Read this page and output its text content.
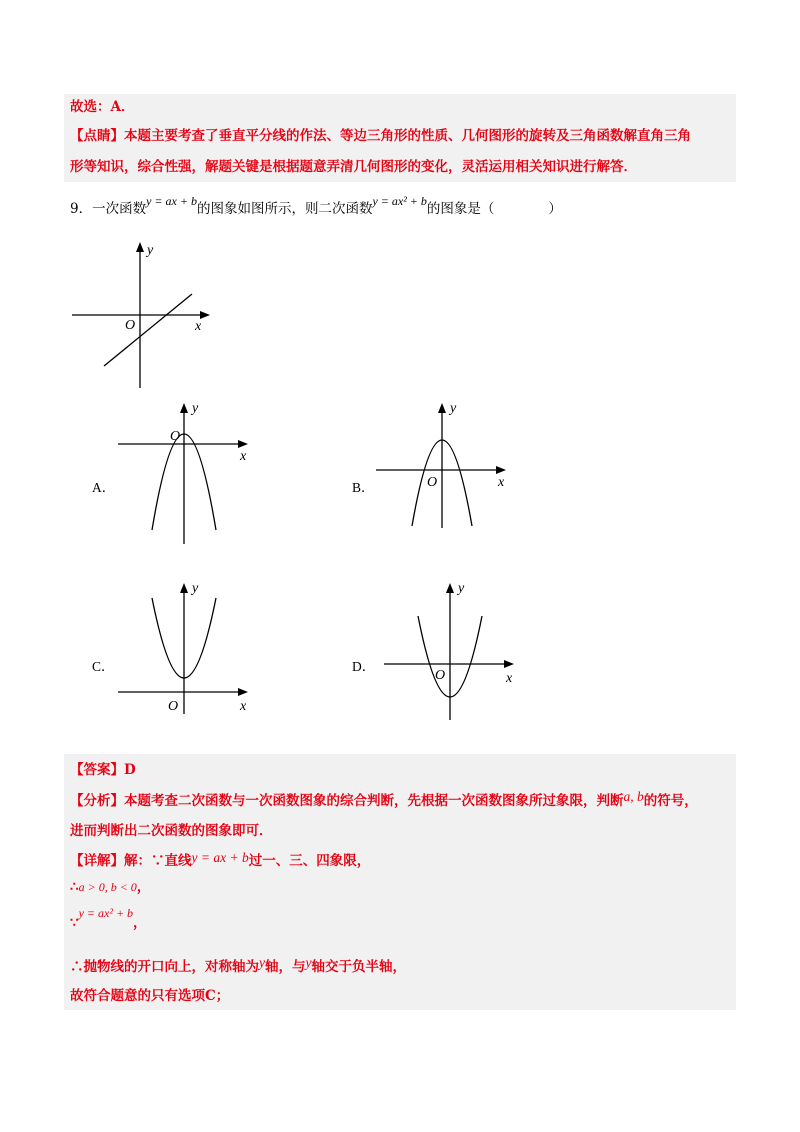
故选：A．
【点睛】本题主要考查了垂直平分线的作法、等边三角形的性质、几何图形的旋转及三角函数解直角三角
形等知识，综合性强，解题关键是根据题意弄清几何图形的变化，灵活运用相关知识进行解答．
9．一次函数y = ax + b的图象如图所示，则二次函数y = ax² + b的图象是（　　　　）
y
x
O
A．
y
x
O
B．
y
x
O
C．
y
x
O
D．
y
x
O
【答案】D
【分析】本题考查二次函数与一次函数图象的综合判断，先根据一次函数图象所过象限，判断a, b的符号，
进而判断出二次函数的图象即可．
【详解】解：∵直线y = ax + b过一、三、四象限，
∴a > 0, b < 0，
∵y = ax² + b，
∴抛物线的开口向上，对称轴为y轴，与y轴交于负半轴，
故符合题意的只有选项C；
